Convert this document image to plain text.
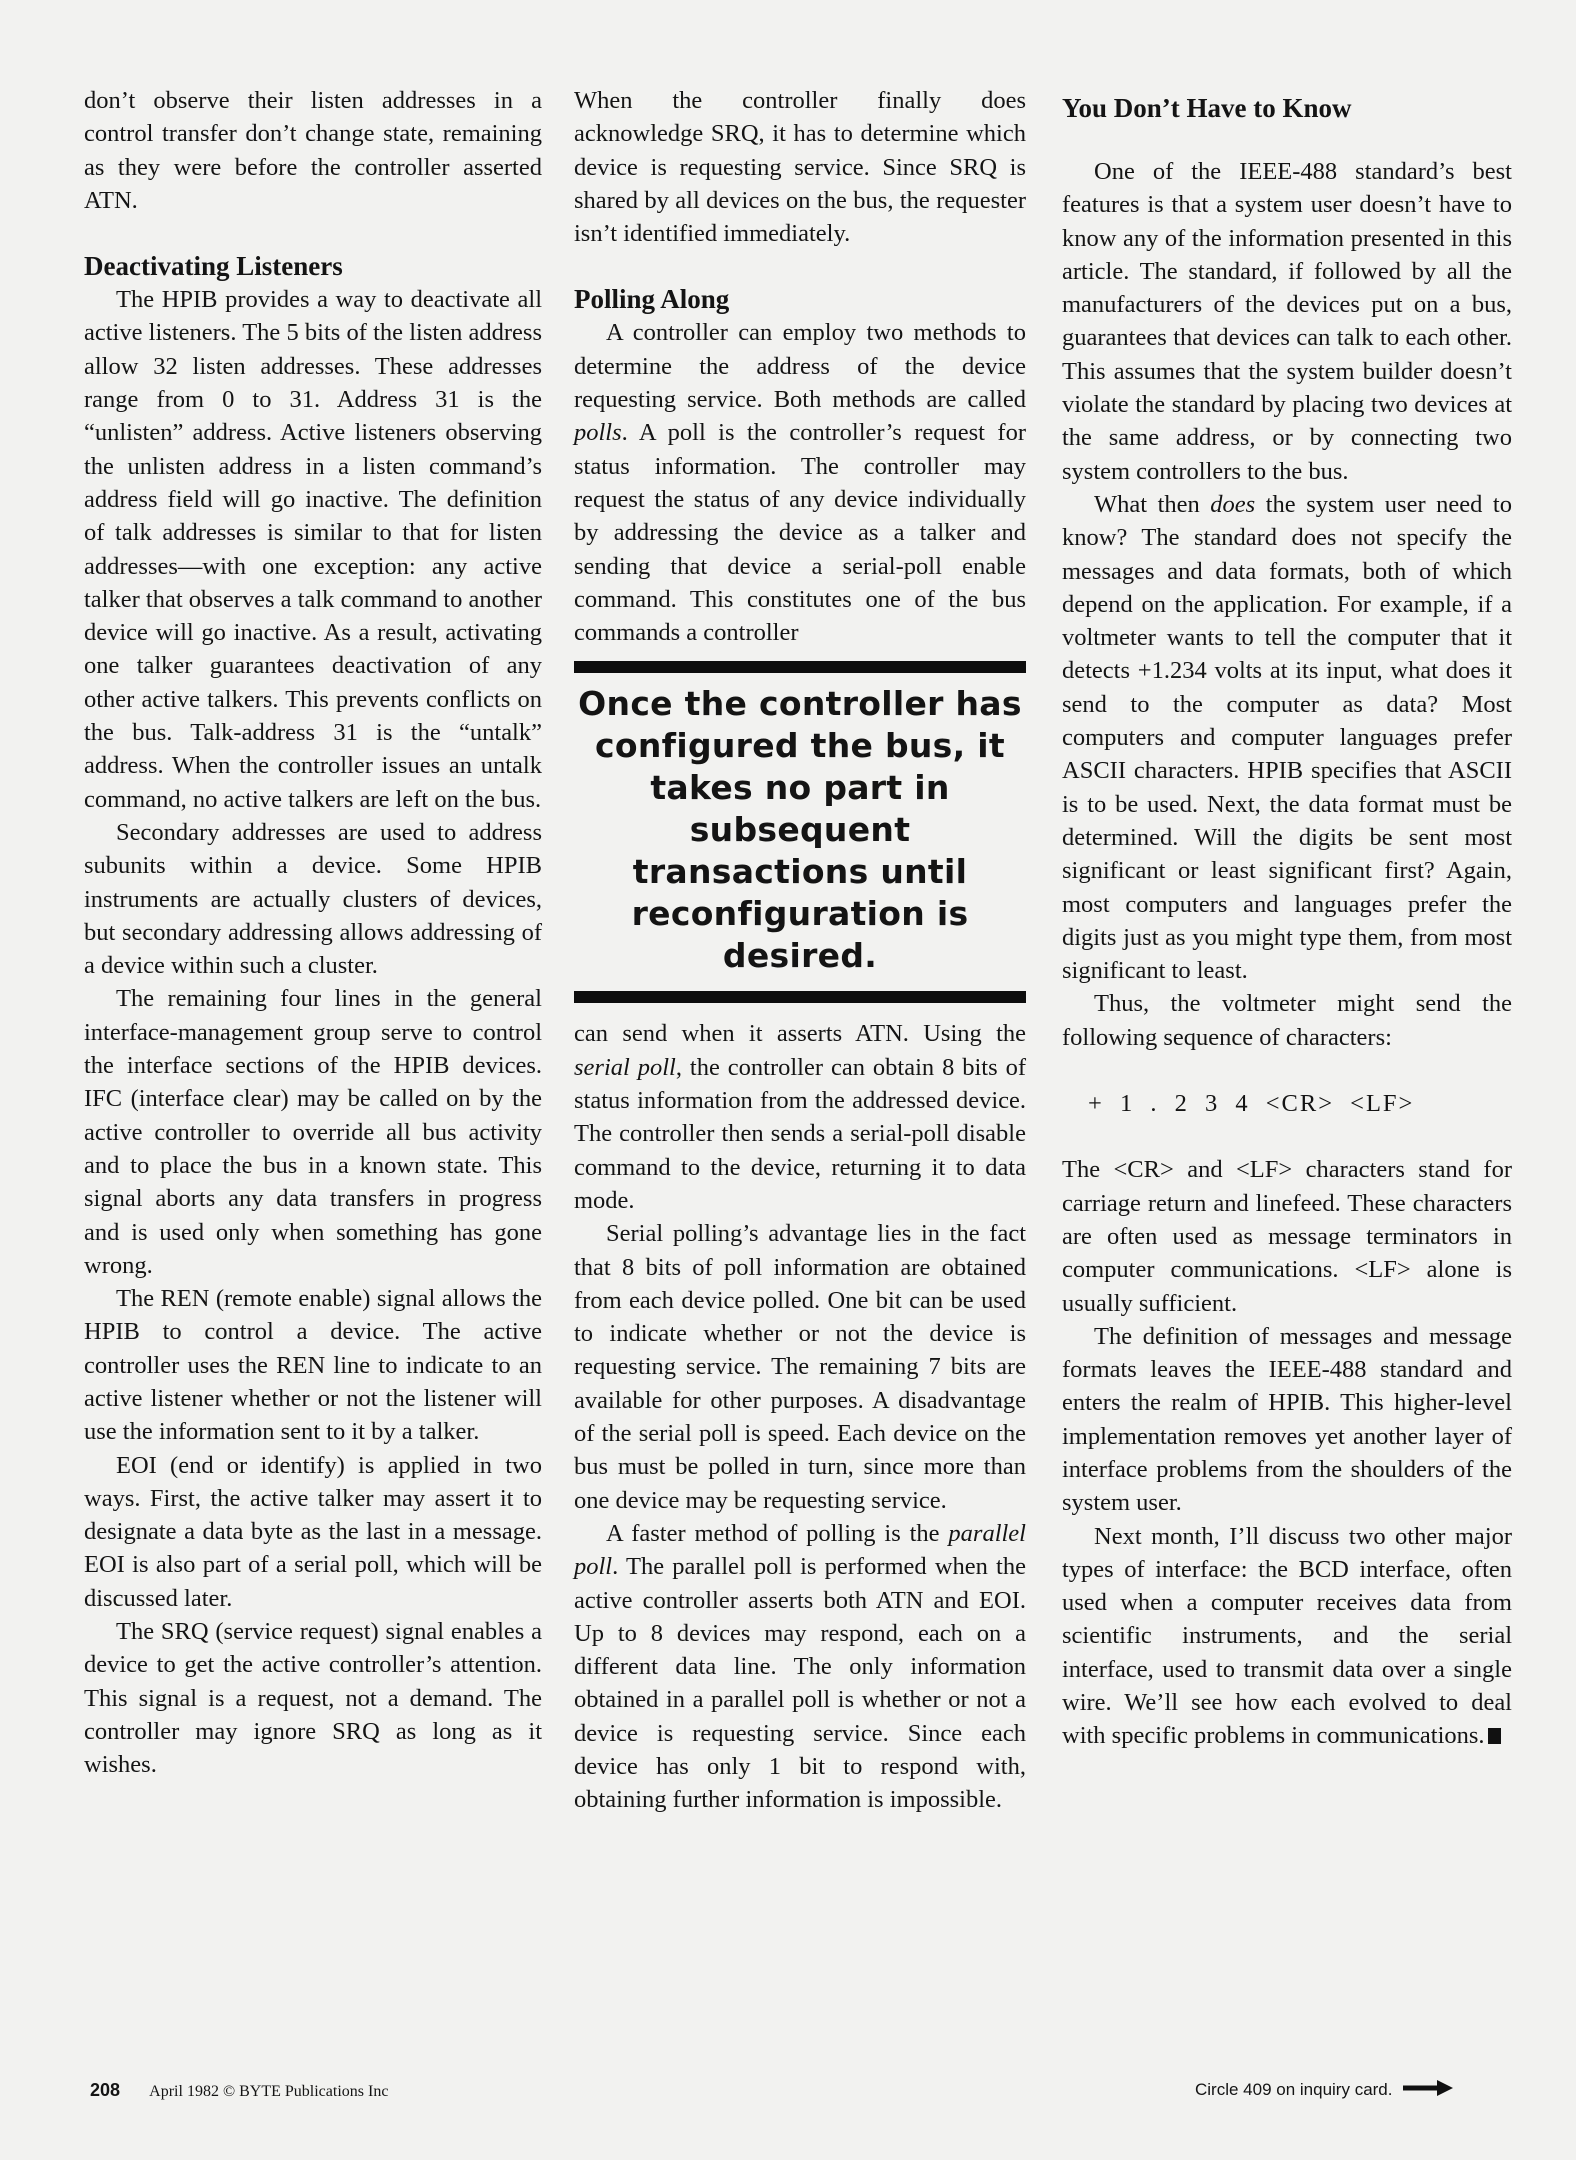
don’t observe their listen addresses in a control transfer don’t change state, remaining as they were before the controller asserted ATN.

Deactivating Listeners

The HPIB provides a way to deactivate all active listeners. The 5 bits of the listen address allow 32 listen addresses. These addresses range from 0 to 31. Address 31 is the “unlisten” address. Active listeners observing the unlisten address in a listen command’s address field will go inactive. The definition of talk addresses is similar to that for listen addresses—with one exception: any active talker that observes a talk command to another device will go inactive. As a result, activating one talker guarantees deactivation of any other active talkers. This prevents conflicts on the bus. Talk-address 31 is the “untalk” address. When the controller issues an untalk command, no active talkers are left on the bus.

Secondary addresses are used to address subunits within a device. Some HPIB instruments are actually clusters of devices, but secondary addressing allows addressing of a device within such a cluster.

The remaining four lines in the general interface-management group serve to control the interface sections of the HPIB devices. IFC (interface clear) may be called on by the active controller to override all bus activity and to place the bus in a known state. This signal aborts any data transfers in progress and is used only when something has gone wrong.

The REN (remote enable) signal allows the HPIB to control a device. The active controller uses the REN line to indicate to an active listener whether or not the listener will use the information sent to it by a talker.

EOI (end or identify) is applied in two ways. First, the active talker may assert it to designate a data byte as the last in a message. EOI is also part of a serial poll, which will be discussed later.

The SRQ (service request) signal enables a device to get the active controller’s attention. This signal is a request, not a demand. The controller may ignore SRQ as long as it wishes.

When the controller finally does acknowledge SRQ, it has to determine which device is requesting service. Since SRQ is shared by all devices on the bus, the requester isn’t identified immediately.

Polling Along

A controller can employ two methods to determine the address of the device requesting service. Both methods are called polls. A poll is the controller’s request for status information. The controller may request the status of any device individually by addressing the device as a talker and sending that device a serial-poll enable command. This constitutes one of the bus commands a controller

Once the controller has configured the bus, it takes no part in subsequent transactions until reconfiguration is desired.

can send when it asserts ATN. Using the serial poll, the controller can obtain 8 bits of status information from the addressed device. The controller then sends a serial-poll disable command to the device, returning it to data mode.

Serial polling’s advantage lies in the fact that 8 bits of poll information are obtained from each device polled. One bit can be used to indicate whether or not the device is requesting service. The remaining 7 bits are available for other purposes. A disadvantage of the serial poll is speed. Each device on the bus must be polled in turn, since more than one device may be requesting service.

A faster method of polling is the parallel poll. The parallel poll is performed when the active controller asserts both ATN and EOI. Up to 8 devices may respond, each on a different data line. The only information obtained in a parallel poll is whether or not a device is requesting service. Since each device has only 1 bit to respond with, obtaining further information is impossible.

You Don’t Have to Know

One of the IEEE-488 standard’s best features is that a system user doesn’t have to know any of the information presented in this article. The standard, if followed by all the manufacturers of the devices put on a bus, guarantees that devices can talk to each other. This assumes that the system builder doesn’t violate the standard by placing two devices at the same address, or by connecting two system controllers to the bus.

What then does the system user need to know? The standard does not specify the messages and data formats, both of which depend on the application. For example, if a voltmeter wants to tell the computer that it detects +1.234 volts at its input, what does it send to the computer as data? Most computers and computer languages prefer ASCII characters. HPIB specifies that ASCII is to be used. Next, the data format must be determined. Will the digits be sent most significant or least significant first? Again, most computers and languages prefer the digits just as you might type them, from most significant to least.

Thus, the voltmeter might send the following sequence of characters:

+ 1 . 2 3 4 <CR> <LF>

The <CR> and <LF> characters stand for carriage return and linefeed. These characters are often used as message terminators in computer communications. <LF> alone is usually sufficient.

The definition of messages and message formats leaves the IEEE-488 standard and enters the realm of HPIB. This higher-level implementation removes yet another layer of interface problems from the shoulders of the system user.

Next month, I’ll discuss two other major types of interface: the BCD interface, often used when a computer receives data from scientific instruments, and the serial interface, used to transmit data over a single wire. We’ll see how each evolved to deal with specific problems in communications.

208 April 1982 © BYTE Publications Inc	Circle 409 on inquiry card.
